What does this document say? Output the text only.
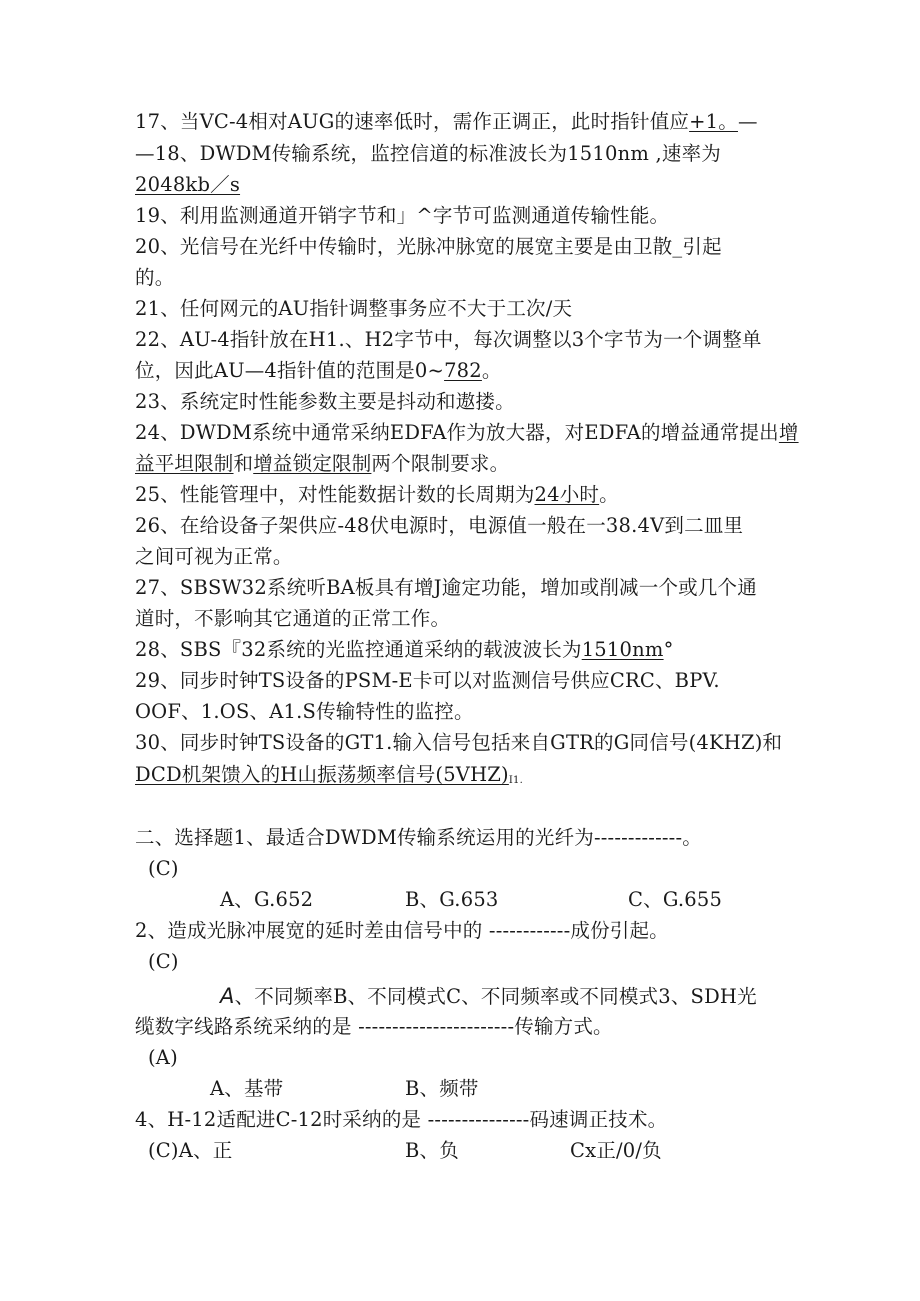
17、当VC-4相对AUG的速率低时，需作正调正，此时指针值应+1。—
—18、DWDM传输系统，监控信道的标准波长为1510nm ,速率为
2048kb／s
19、利用监测通道开销字节和」^字节可监测通道传输性能。
20、光信号在光纤中传输时，光脉冲脉宽的展宽主要是由卫散_引起
的。
21、任何网元的AU指针调整事务应不大于工次/天
22、AU-4指针放在H1.、H2字节中，每次调整以3个字节为一个调整单
位，因此AU—4指针值的范围是0~782。
23、系统定时性能参数主要是抖动和遨搂。
24、DWDM系统中通常采纳EDFA作为放大器，对EDFA的增益通常提出增
益平坦限制和增益锁定限制两个限制要求。
25、性能管理中，对性能数据计数的长周期为24小时。
26、在给设备子架供应-48伏电源时，电源值一般在一38.4V到二皿里
之间可视为正常。
27、SBSW32系统听BA板具有增J逾定功能，增加或削减一个或几个通
道时，不影响其它通道的正常工作。
28、SBS『32系统的光监控通道采纳的载波波长为1510nm°
29、同步时钟TS设备的PSM-E卡可以对监测信号供应CRC、BPV.
OOF、1.OS、A1.S传输特性的监控。
30、同步时钟TS设备的GT1.输入信号包括来自GTR的G同信号(4KHZ)和
DCD机架馈入的H山振荡频率信号$(5VHZ)_{I1.}$
二、选择题1、最适合DWDM传输系统运用的光纤为-------------。
(C)
A、G.652	B、G.653	C、G.655
2、造成光脉冲展宽的延时差由信号中的 ------------成份引起。
(C)
A、不同频率B、不同模式C、不同频率或不同模式3、SDH光
缆数字线路系统采纳的是 -----------------------传输方式。
(A)
A、基带	B、频带
4、H-12适配进C-12时采纳的是 ---------------码速调正技术。
(C)A、正	B、负	Cx正/0/负
